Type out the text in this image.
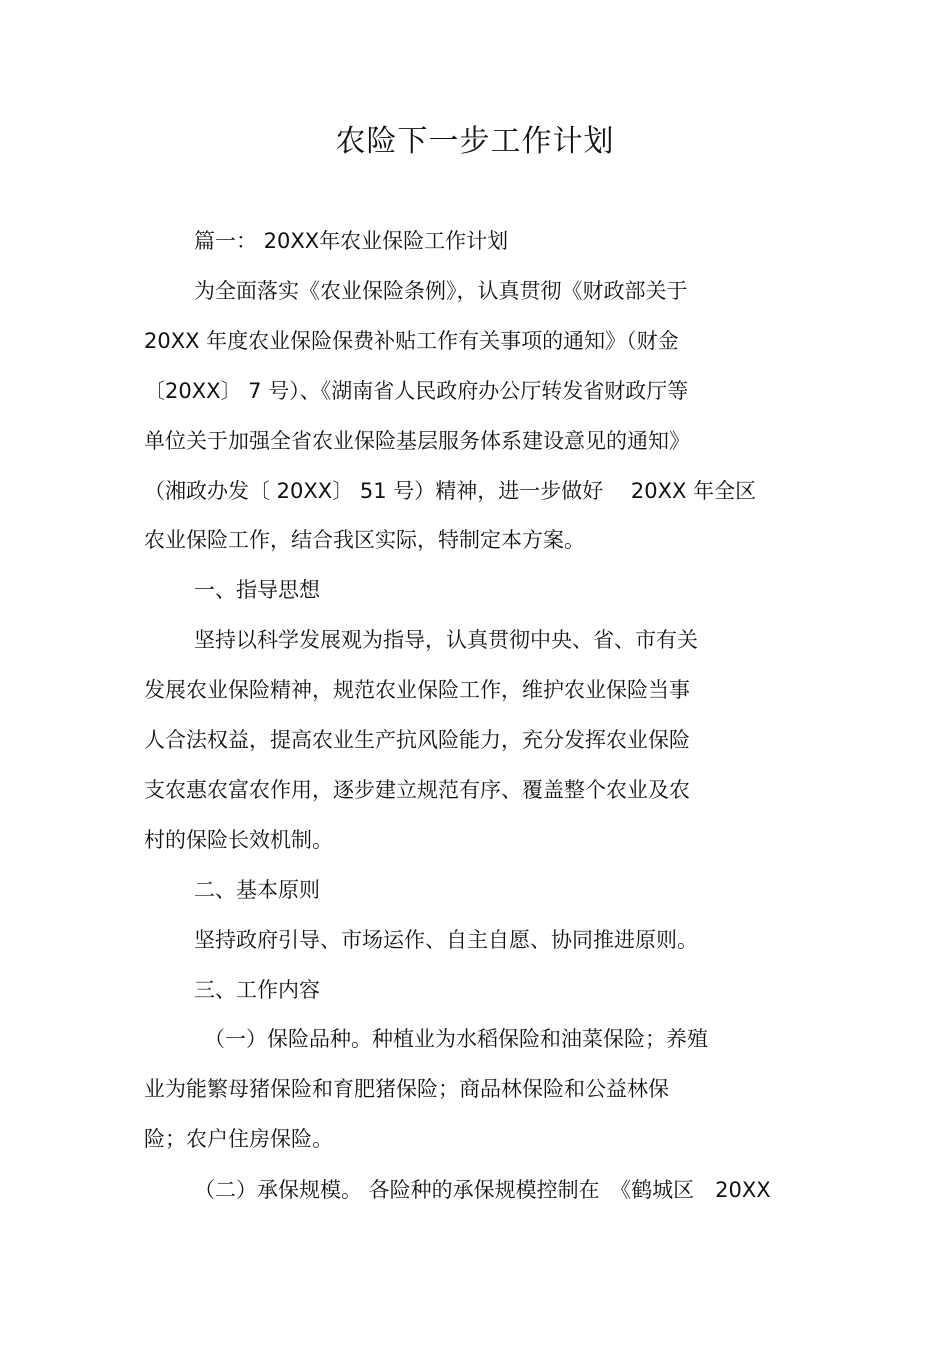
农险下一步工作计划
篇一： 20XX年农业保险工作计划
为全面落实《农业保险条例》，认真贯彻《财政部关于
20XX 年度农业保险保费补贴工作有关事项的通知》（财金
〔20XX〕 7 号）、《湖南省人民政府办公厅转发省财政厅等
单位关于加强全省农业保险基层服务体系建设意见的通知》
（湘政办发〔 20XX〕 51 号）精神，进一步做好　 20XX 年全区
农业保险工作，结合我区实际，特制定本方案。
一、指导思想
坚持以科学发展观为指导，认真贯彻中央、省、市有关
发展农业保险精神，规范农业保险工作，维护农业保险当事
人合法权益，提高农业生产抗风险能力，充分发挥农业保险
支农惠农富农作用，逐步建立规范有序、覆盖整个农业及农
村的保险长效机制。
二、基本原则
坚持政府引导、市场运作、自主自愿、协同推进原则。
三、工作内容
（一）保险品种。种植业为水稻保险和油菜保险；养殖
业为能繁母猪保险和育肥猪保险；商品林保险和公益林保
险；农户住房保险。
（二）承保规模。 各险种的承保规模控制在　《鹤城区　20XX
